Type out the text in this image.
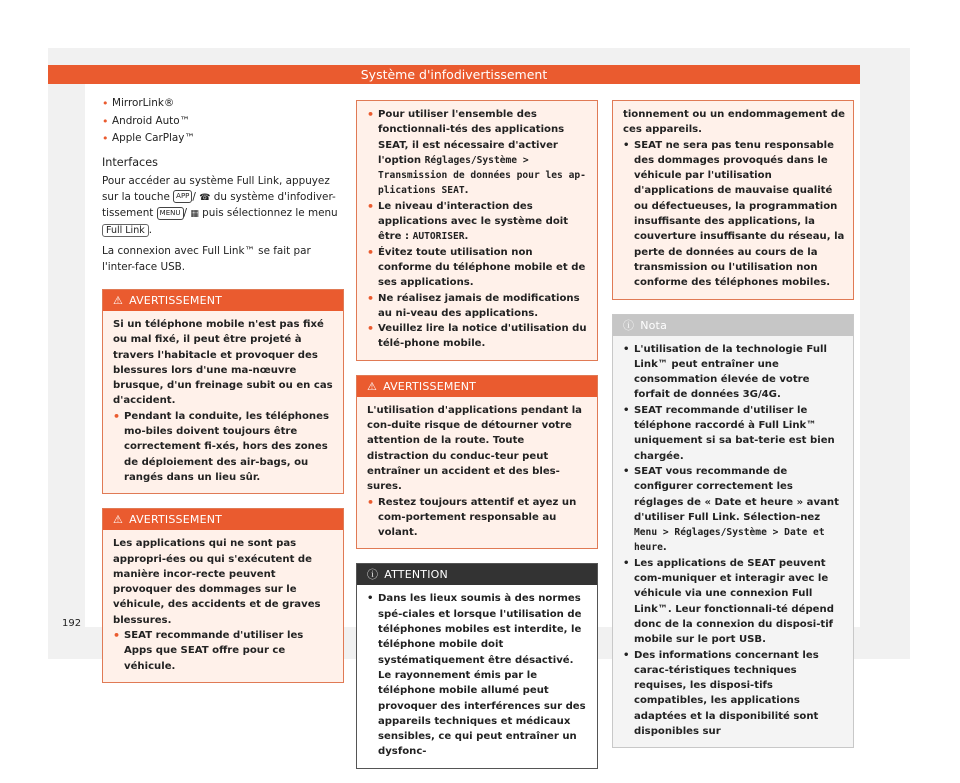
Système d'infodivertissement
• MirrorLink®
• Android Auto™
• Apple CarPlay™
Interfaces

Pour accéder au système Full Link, appuyez sur la touche APP / ☎ du système d'infodiver-tissement MENU / ▦ puis sélectionnez le menu Full Link .

La connexion avec Full Link™ se fait par l'inter-face USB.

⚠ AVERTISSEMENT

Si un téléphone mobile n'est pas fixé ou mal fixé, il peut être projeté à travers l'habitacle et provoquer des blessures lors d'une ma-nœuvre brusque, d'un freinage subit ou en cas d'accident.

• Pendant la conduite, les téléphones mo-biles doivent toujours être correctement fi-xés, hors des zones de déploiement des air-bags, ou rangés dans un lieu sûr.
⚠ AVERTISSEMENT

Les applications qui ne sont pas appropri-ées ou qui s'exécutent de manière incor-recte peuvent provoquer des dommages sur le véhicule, des accidents et de graves blessures.

• SEAT recommande d'utiliser les Apps que SEAT offre pour ce véhicule.
• Pour utiliser l'ensemble des fonctionnali-tés des applications SEAT, il est nécessaire d'activer l'option Réglages/Système > Transmission de données pour les ap-plications SEAT.
• Le niveau d'interaction des applications avec le système doit être : AUTORISER.
• Évitez toute utilisation non conforme du téléphone mobile et de ses applications.
• Ne réalisez jamais de modifications au ni-veau des applications.
• Veuillez lire la notice d'utilisation du télé-phone mobile.
⚠ AVERTISSEMENT

L'utilisation d'applications pendant la con-duite risque de détourner votre attention de la route. Toute distraction du conduc-teur peut entraîner un accident et des bles-sures.

• Restez toujours attentif et ayez un com-portement responsable au volant.
ⓘ ATTENTION
• Dans les lieux soumis à des normes spé-ciales et lorsque l'utilisation de téléphones mobiles est interdite, le téléphone mobile doit systématiquement être désactivé. Le rayonnement émis par le téléphone mobile allumé peut provoquer des interférences sur des appareils techniques et médicaux sensibles, ce qui peut entraîner un dysfonc-

tionnement ou un endommagement de ces appareils.

• SEAT ne sera pas tenu responsable des dommages provoqués dans le véhicule par l'utilisation d'applications de mauvaise qualité ou défectueuses, la programmation insuffisante des applications, la couverture insuffisante du réseau, la perte de données au cours de la transmission ou l'utilisation non conforme des téléphones mobiles.
ⓘ Nota
• L'utilisation de la technologie Full Link™ peut entraîner une consommation élevée de votre forfait de données 3G/4G.
• SEAT recommande d'utiliser le téléphone raccordé à Full Link™ uniquement si sa bat-terie est bien chargée.
• SEAT vous recommande de configurer correctement les réglages de « Date et heure » avant d'utiliser Full Link. Sélection-nez Menu > Réglages/Système > Date et heure.
• Les applications de SEAT peuvent com-muniquer et interagir avec le véhicule via une connexion Full Link™. Leur fonctionnali-té dépend donc de la connexion du disposi-tif mobile sur le port USB.
• Des informations concernant les carac-téristiques techniques requises, les disposi-tifs compatibles, les applications adaptées et la disponibilité sont disponibles sur
192
